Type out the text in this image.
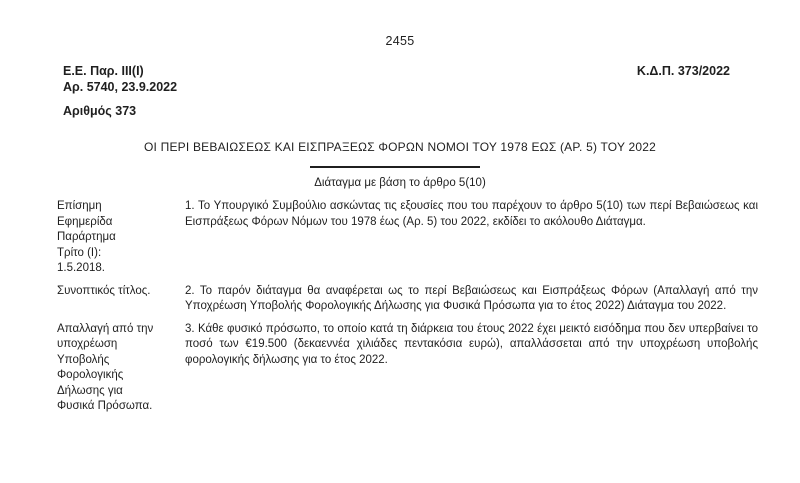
2455
Ε.Ε. Παρ. ΙΙΙ(Ι)
Αρ. 5740, 23.9.2022
Κ.Δ.Π. 373/2022
Αριθμός 373
ΟΙ ΠΕΡΙ ΒΕΒΑΙΩΣΕΩΣ ΚΑΙ ΕΙΣΠΡΑΞΕΩΣ ΦΟΡΩΝ ΝΟΜΟΙ ΤΟΥ 1978 ΕΩΣ (ΑΡ. 5) ΤΟΥ 2022
Διάταγμα με βάση το άρθρο 5(10)
Επίσημη
Εφημερίδα
Παράρτημα
Τρίτο (Ι):
1.5.2018.

1. Το Υπουργικό Συμβούλιο ασκώντας τις εξουσίες που του παρέχουν το άρθρο 5(10) των περί Βεβαιώσεως και Εισπράξεως Φόρων Νόμων του 1978 έως (Αρ. 5) του 2022, εκδίδει το ακόλουθο Διάταγμα.

Συνοπτικός τίτλος.	2. Το παρόν διάταγμα θα αναφέρεται ως το περί Βεβαιώσεως και Εισπράξεως Φόρων (Απαλλαγή από την Υποχρέωση Υποβολής Φορολογικής Δήλωσης για Φυσικά Πρόσωπα για το έτος 2022) Διάταγμα του 2022.

Απαλλαγή από την
υποχρέωση
Υποβολής
Φορολογικής
Δήλωσης για
Φυσικά Πρόσωπα.

3. Κάθε φυσικό πρόσωπο, το οποίο κατά τη διάρκεια του έτους 2022 έχει μεικτό εισόδημα που δεν υπερβαίνει το ποσό των €19.500 (δεκαεννέα χιλιάδες πεντακόσια ευρώ), απαλλάσσεται από την υποχρέωση υποβολής φορολογικής δήλωσης για το έτος 2022.
